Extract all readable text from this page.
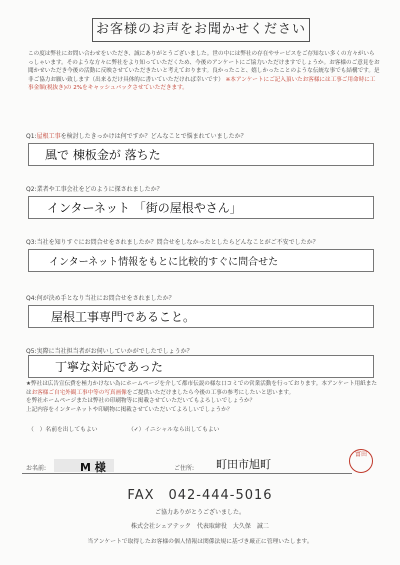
お客様のお声をお聞かせください
この度は弊社にお問い合わせをいただき、誠にありがとうございました。世の中には弊社の存在やサービスをご存知ない多くの方々がいらっしゃいます。そのような方々に弊社をより知っていただくため、今後のアンケートにご協力いただけますでしょうか。お客様のご意見をお聞かせいただき今後の活動に反映させていただきたいと考えております。良かったこと、嬉しかったことのような伝統な事でも結構です。是非ご協力お願い致します（出来るだけ具体的に書いていただければ幸いです） ※本アンケートにご記入頂いたお客様には工事ご用命時に工事金額(税抜き)の 2%をキャッシュバックさせていただきます。
Q1:屋根工事を検討したきっかけは何ですか？どんなことで悩まれていましたか？
風で 棟板金が 落ちた
Q2:業者や工事会社をどのように探されましたか？
インターネット 「街の屋根やさん」
Q3:当社を知りすぐにお問合せをされましたか？問合せをしなかったとしたらどんなことがご不安でしたか？
インターネット情報をもとに比較的すぐに問合せた
Q4:何が決め手となり当社にお問合せをされましたか？
屋根工事専門であること。
Q5:実際に当社担当者がお伺いしていかがでしたでしょうか？
丁寧な対応であった
★弊社は広告宣伝費を極力かけない為にホームページを介して都市伝説の様な口コミでの営業活動を行っております。本アンケート用紙またはお客様ご自宅外観工事中等の写真画像をご提供いただけましたら今後の工事の参考にしたいと思います。
を弊社ホームページまたは弊社の印刷物等に掲載させていただいてもよろしいでしょうか？
上記内容をインターネットや印刷物に掲載させていただいてよろしいでしょうか？
（　）名前を出してもよい	（✓）イニシャルなら出してもよい
お名前:	M 様	ご住所: 町田市旭町
富田
FAX　042-444-5016
ご協力ありがとうございました。
株式会社シェアテック　代表取締役　大久保　誠二
当アンケートで取得したお客様の個人情報は関係法規に基づき厳正に管理いたします。
